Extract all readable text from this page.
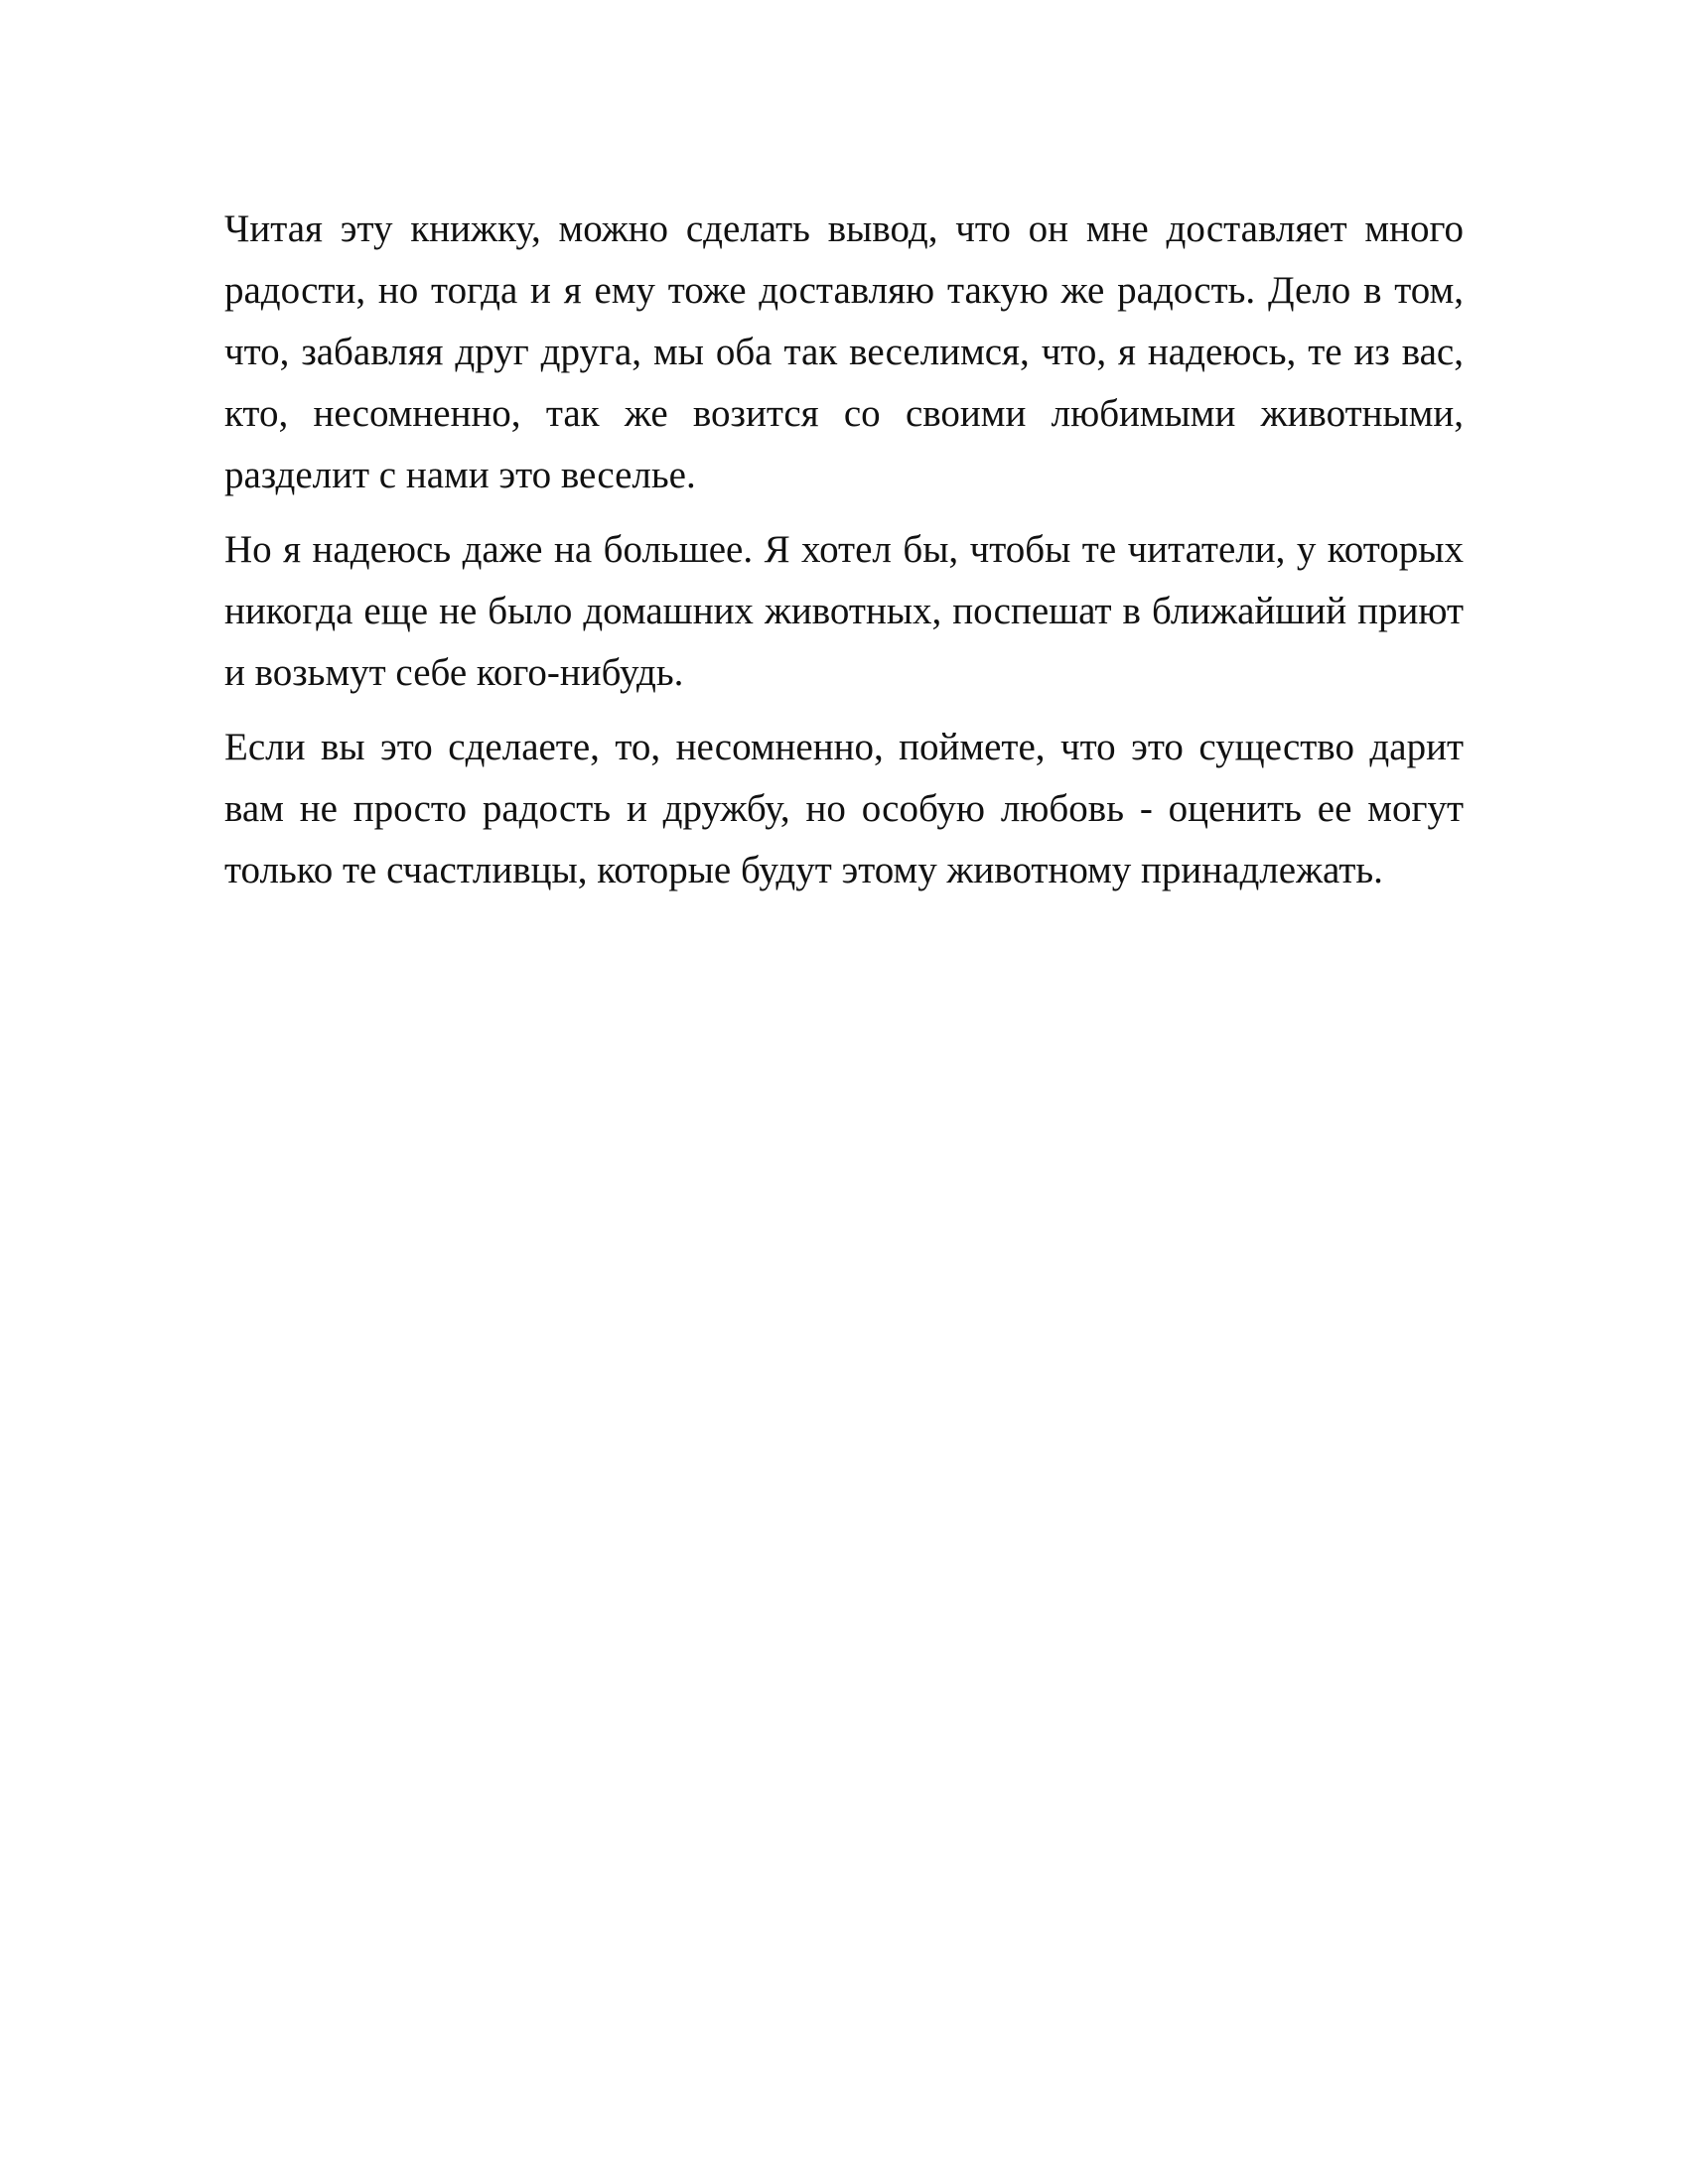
Читая эту книжку, можно сделать вывод, что он мне доставляет много радости, но тогда и я ему тоже доставляю такую же радость. Дело в том, что, забавляя друг друга, мы оба так веселимся, что, я надеюсь, те из вас, кто, несомненно, так же возится со своими любимыми животными, разделит с нами это веселье.

Но я надеюсь даже на большее. Я хотел бы, чтобы те читатели, у которых никогда еще не было домашних животных, поспешат в ближайший приют и возьмут себе кого-нибудь.

Если вы это сделаете, то, несомненно, поймете, что это существо дарит вам не просто радость и дружбу, но особую любовь - оценить ее могут только те счастливцы, которые будут этому животному принадлежать.
